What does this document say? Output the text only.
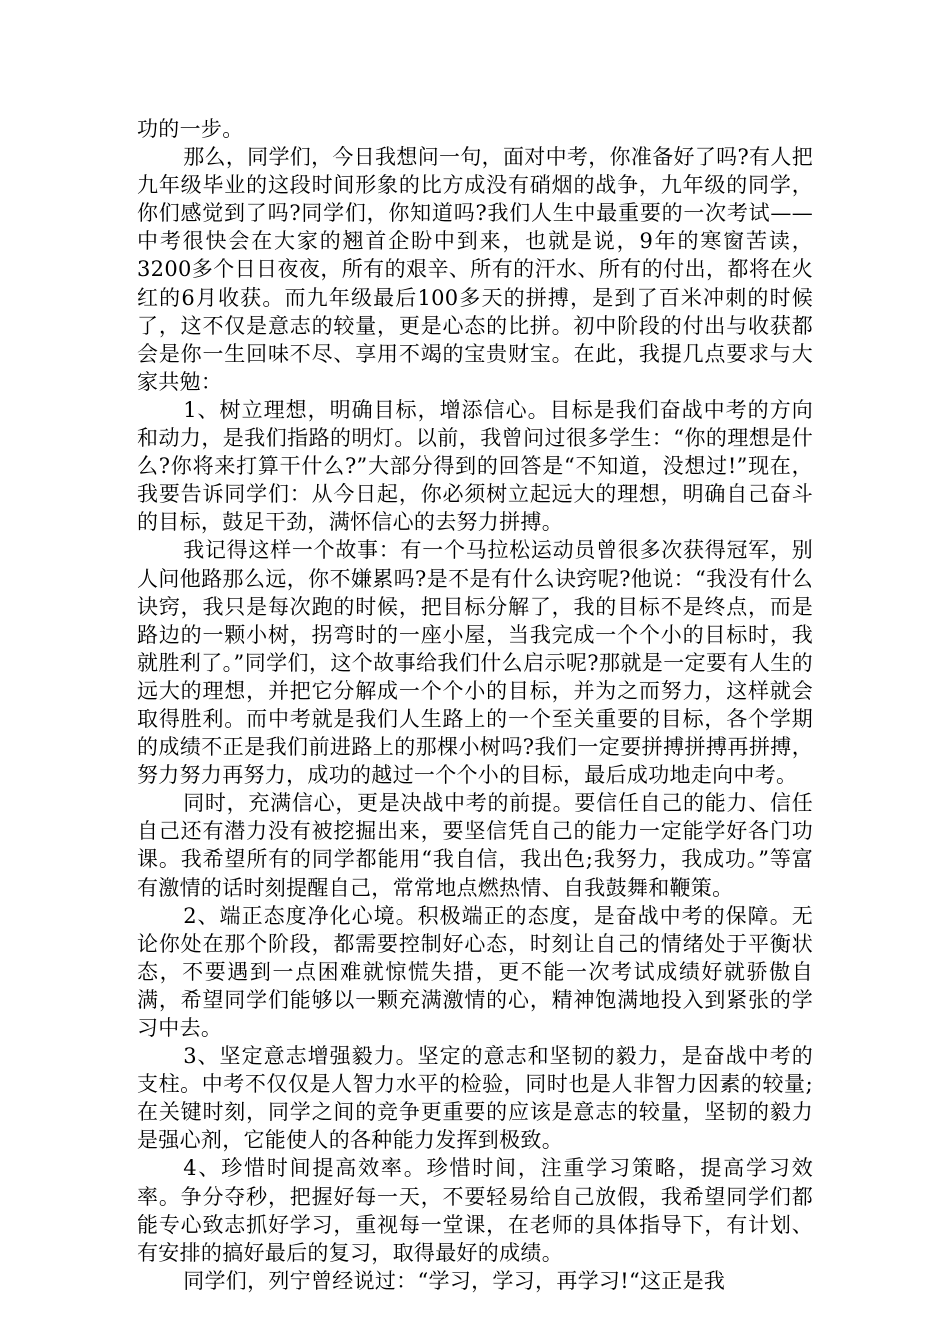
功的一步。

那么，同学们，今日我想问一句，面对中考，你准备好了吗?有人把九年级毕业的这段时间形象的比方成没有硝烟的战争，九年级的同学，你们感觉到了吗?同学们，你知道吗?我们人生中最重要的一次考试——中考很快会在大家的翘首企盼中到来，也就是说，9年的寒窗苦读，3200多个日日夜夜，所有的艰辛、所有的汗水、所有的付出，都将在火红的6月收获。而九年级最后100多天的拼搏，是到了百米冲刺的时候了，这不仅是意志的较量，更是心态的比拼。初中阶段的付出与收获都会是你一生回味不尽、享用不竭的宝贵财宝。在此，我提几点要求与大家共勉：

1、树立理想，明确目标，增添信心。目标是我们奋战中考的方向和动力，是我们指路的明灯。以前，我曾问过很多学生：“你的理想是什么?你将来打算干什么?”大部分得到的回答是“不知道，没想过!”现在，我要告诉同学们：从今日起，你必须树立起远大的理想，明确自己奋斗的目标，鼓足干劲，满怀信心的去努力拼搏。

我记得这样一个故事：有一个马拉松运动员曾很多次获得冠军，别人问他路那么远，你不嫌累吗?是不是有什么诀窍呢?他说：“我没有什么诀窍，我只是每次跑的时候，把目标分解了，我的目标不是终点，而是路边的一颗小树，拐弯时的一座小屋，当我完成一个个小的目标时，我就胜利了。”同学们，这个故事给我们什么启示呢?那就是一定要有人生的远大的理想，并把它分解成一个个小的目标，并为之而努力，这样就会取得胜利。而中考就是我们人生路上的一个至关重要的目标，各个学期的成绩不正是我们前进路上的那棵小树吗?我们一定要拼搏拼搏再拼搏，努力努力再努力，成功的越过一个个小的目标，最后成功地走向中考。

同时，充满信心，更是决战中考的前提。要信任自己的能力、信任自己还有潜力没有被挖掘出来，要坚信凭自己的能力一定能学好各门功课。我希望所有的同学都能用“我自信，我出色;我努力，我成功。”等富有激情的话时刻提醒自己，常常地点燃热情、自我鼓舞和鞭策。

2、端正态度净化心境。积极端正的态度，是奋战中考的保障。无论你处在那个阶段，都需要控制好心态，时刻让自己的情绪处于平衡状态，不要遇到一点困难就惊慌失措，更不能一次考试成绩好就骄傲自满，希望同学们能够以一颗充满激情的心，精神饱满地投入到紧张的学习中去。

3、坚定意志增强毅力。坚定的意志和坚韧的毅力，是奋战中考的支柱。中考不仅仅是人智力水平的检验，同时也是人非智力因素的较量;在关键时刻，同学之间的竞争更重要的应该是意志的较量，坚韧的毅力是强心剂，它能使人的各种能力发挥到极致。

4、珍惜时间提高效率。珍惜时间，注重学习策略，提高学习效率。争分夺秒，把握好每一天，不要轻易给自己放假，我希望同学们都能专心致志抓好学习，重视每一堂课，在老师的具体指导下，有计划、有安排的搞好最后的复习，取得最好的成绩。

同学们，列宁曾经说过：“学习，学习，再学习!“这正是我
